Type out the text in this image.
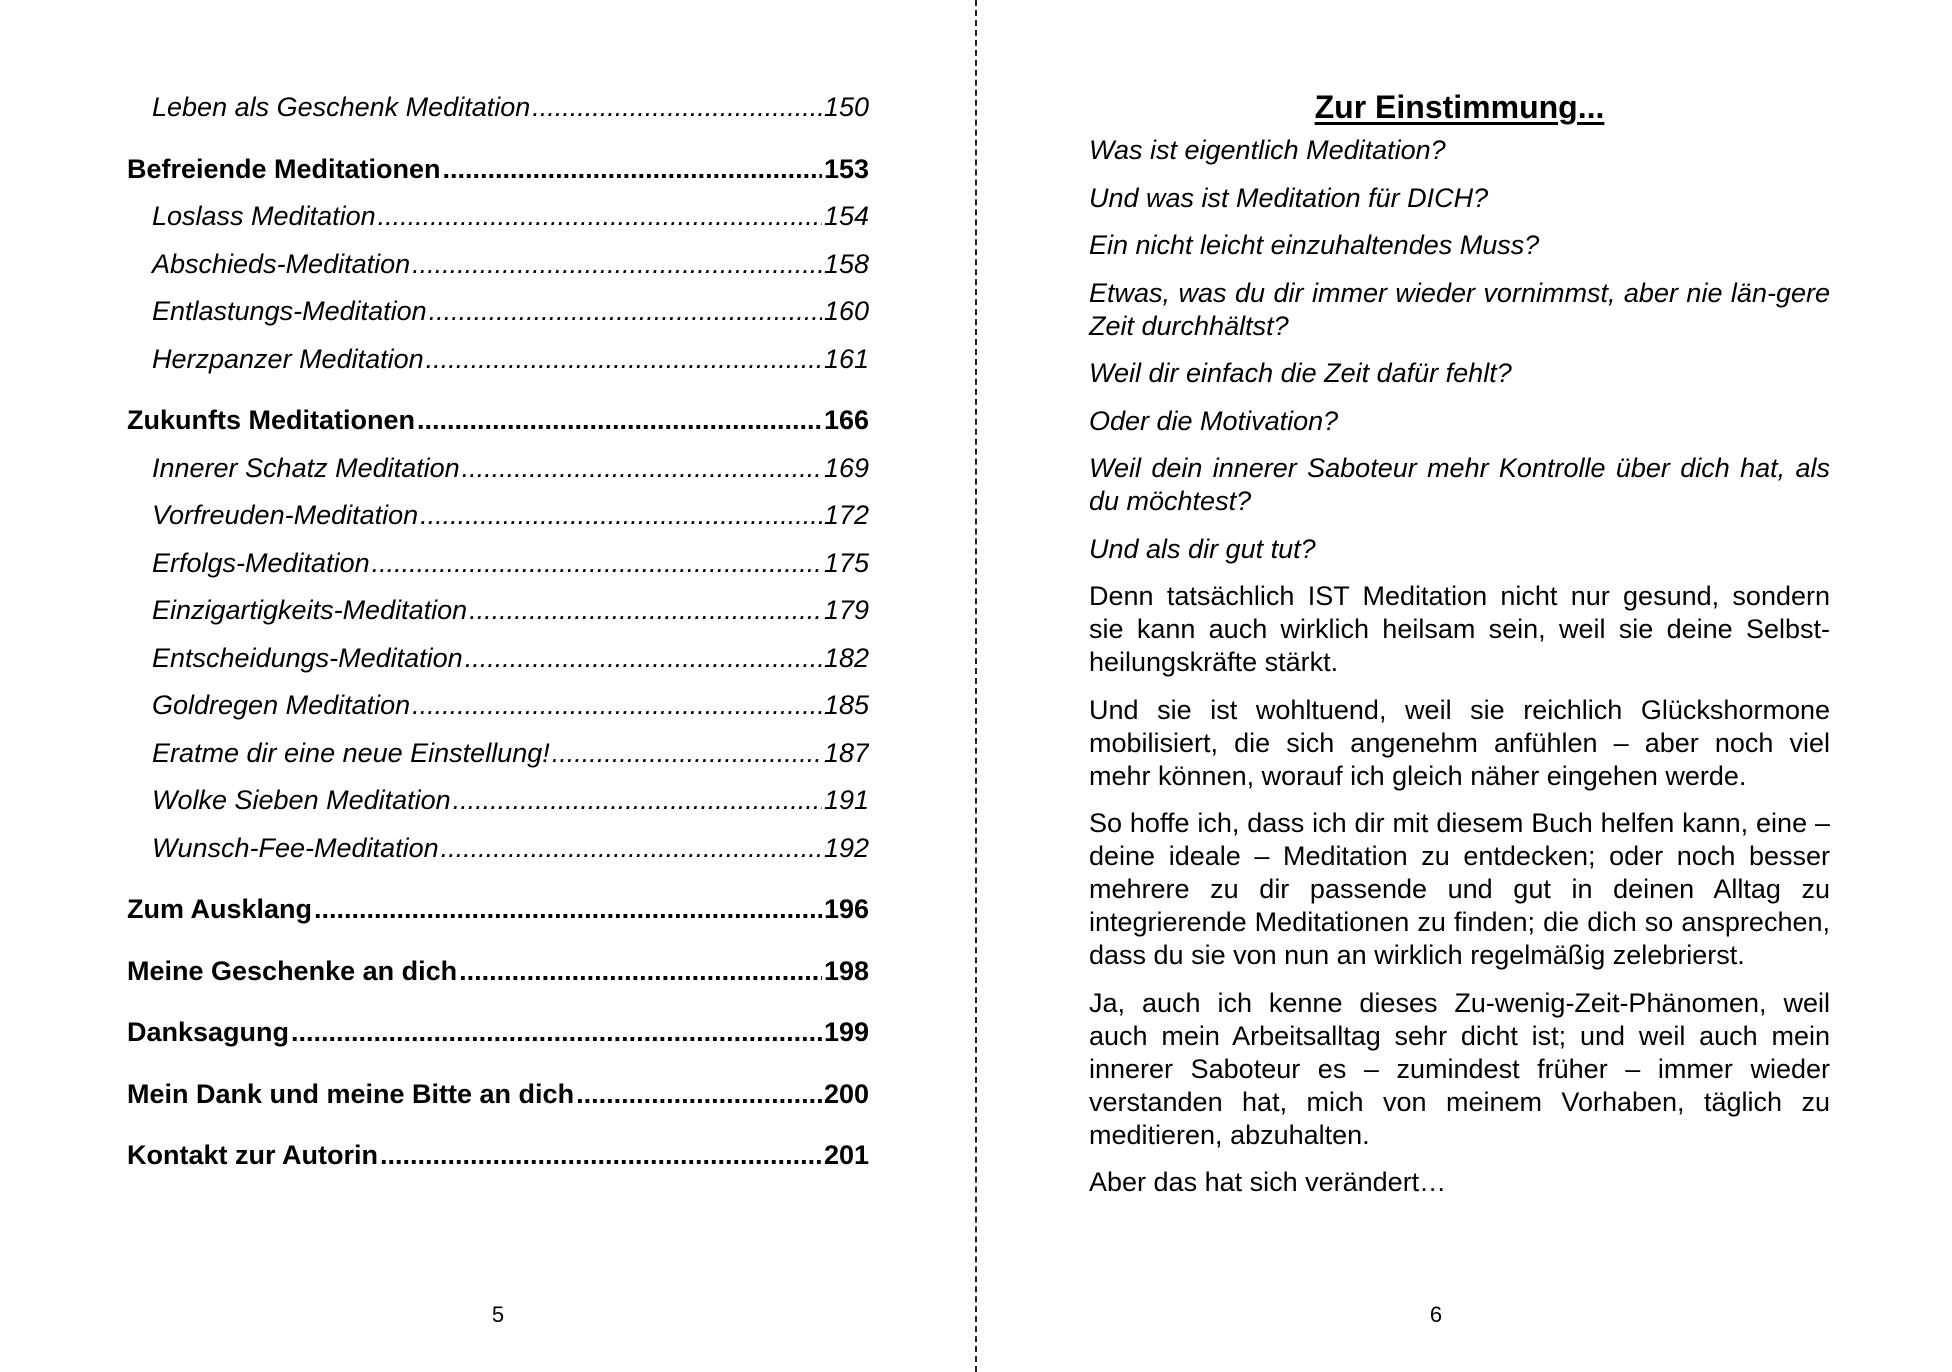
Leben als Geschenk Meditation .....	150
Befreiende Meditationen .....	153
Loslass Meditation .....	154
Abschieds-Meditation .....	158
Entlastungs-Meditation .....	160
Herzpanzer Meditation .....	161
Zukunfts Meditationen .....	166
Innerer Schatz Meditation .....	169
Vorfreuden-Meditation .....	172
Erfolgs-Meditation .....	175
Einzigartigkeits-Meditation .....	179
Entscheidungs-Meditation .....	182
Goldregen Meditation .....	185
Eratme dir eine neue Einstellung! .....	187
Wolke Sieben Meditation .....	191
Wunsch-Fee-Meditation .....	192
Zum Ausklang .....	196
Meine Geschenke an dich .....	198
Danksagung .....	199
Mein Dank und meine Bitte an dich .....	200
Kontakt zur Autorin .....	201
5
Zur Einstimmung...
Was ist eigentlich Meditation?
Und was ist Meditation für DICH?
Ein nicht leicht einzuhaltendes Muss?
Etwas, was du dir immer wieder vornimmst, aber nie län-gere Zeit durchhältst?
Weil dir einfach die Zeit dafür fehlt?
Oder die Motivation?
Weil dein innerer Saboteur mehr Kontrolle über dich hat, als du möchtest?
Und als dir gut tut?
Denn tatsächlich IST Meditation nicht nur gesund, sondern sie kann auch wirklich heilsam sein, weil sie deine Selbstheilungskräfte stärkt.
Und sie ist wohltuend, weil sie reichlich Glückshormone mobilisiert, die sich angenehm anfühlen – aber noch viel mehr können, worauf ich gleich näher eingehen werde.
So hoffe ich, dass ich dir mit diesem Buch helfen kann, eine – deine ideale – Meditation zu entdecken; oder noch besser mehrere zu dir passende und gut in deinen Alltag zu integrierende Meditationen zu finden; die dich so ansprechen, dass du sie von nun an wirklich regelmäßig zelebrierst.
Ja, auch ich kenne dieses Zu-wenig-Zeit-Phänomen, weil auch mein Arbeitsalltag sehr dicht ist; und weil auch mein innerer Saboteur es – zumindest früher – immer wieder verstanden hat, mich von meinem Vorhaben, täglich zu meditieren, abzuhalten.
Aber das hat sich verändert…
6
